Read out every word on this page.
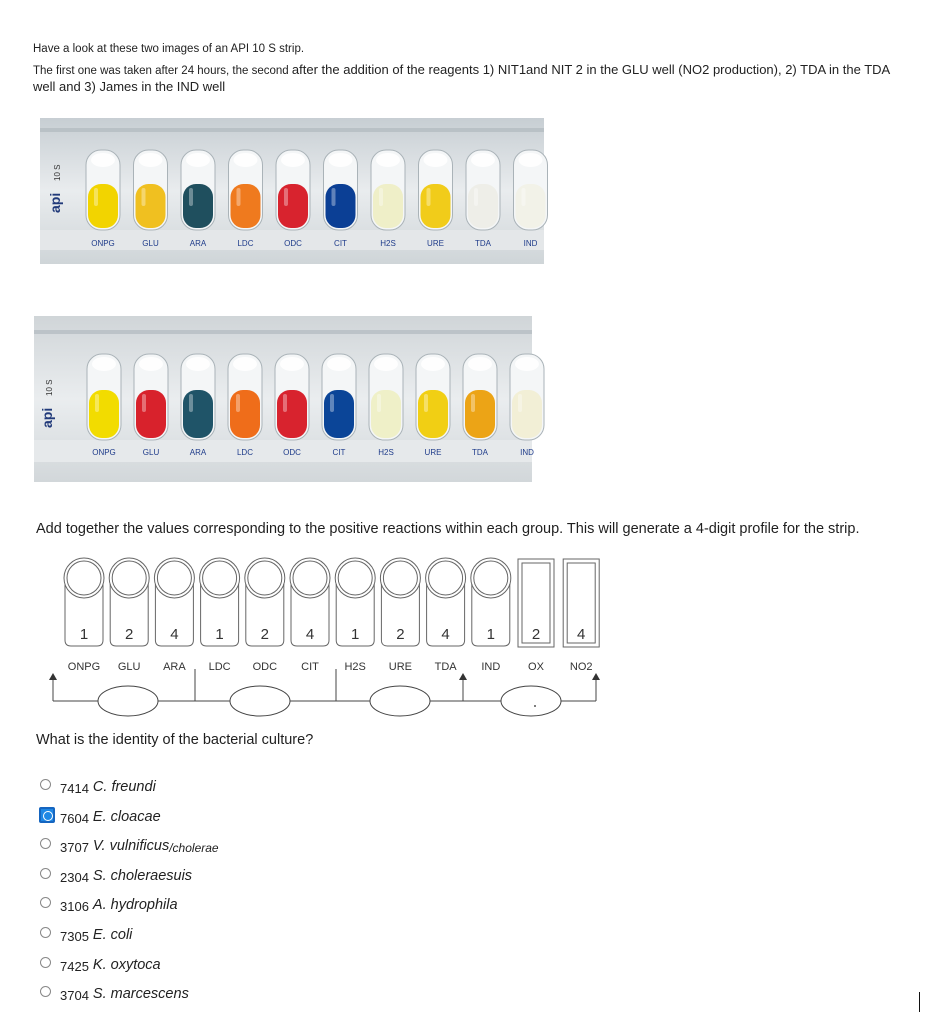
Have a look at these two images of an API 10 S strip.
The first one was taken after 24 hours, the second after the addition of the reagents 1) NIT1and NIT 2 in the GLU well (NO2 production), 2) TDA in the TDA well and 3) James in the IND well
api
10 S
ONPG	GLU	ARA	LDC	ODC	CIT	H2S	URE	TDA	IND
api
10 S
ONPG	GLU	ARA	LDC	ODC	CIT	H2S	URE	TDA	IND
Add together the values corresponding to the positive reactions within each group. This will generate a 4-digit profile for the strip.
1 2 4 1 2 4 1 2 4 1 2 4
ONPG GLU ARA LDC ODC CIT H2S URE TDA IND	OX NO2
What is the identity of the bacterial culture?
7414 C. freundi
7604 E. cloacae
3707 V. vulnificus /cholerae
2304 S. choleraesuis
3106 A. hydrophila
7305 E. coli
7425 K. oxytoca
3704 S. marcescens
